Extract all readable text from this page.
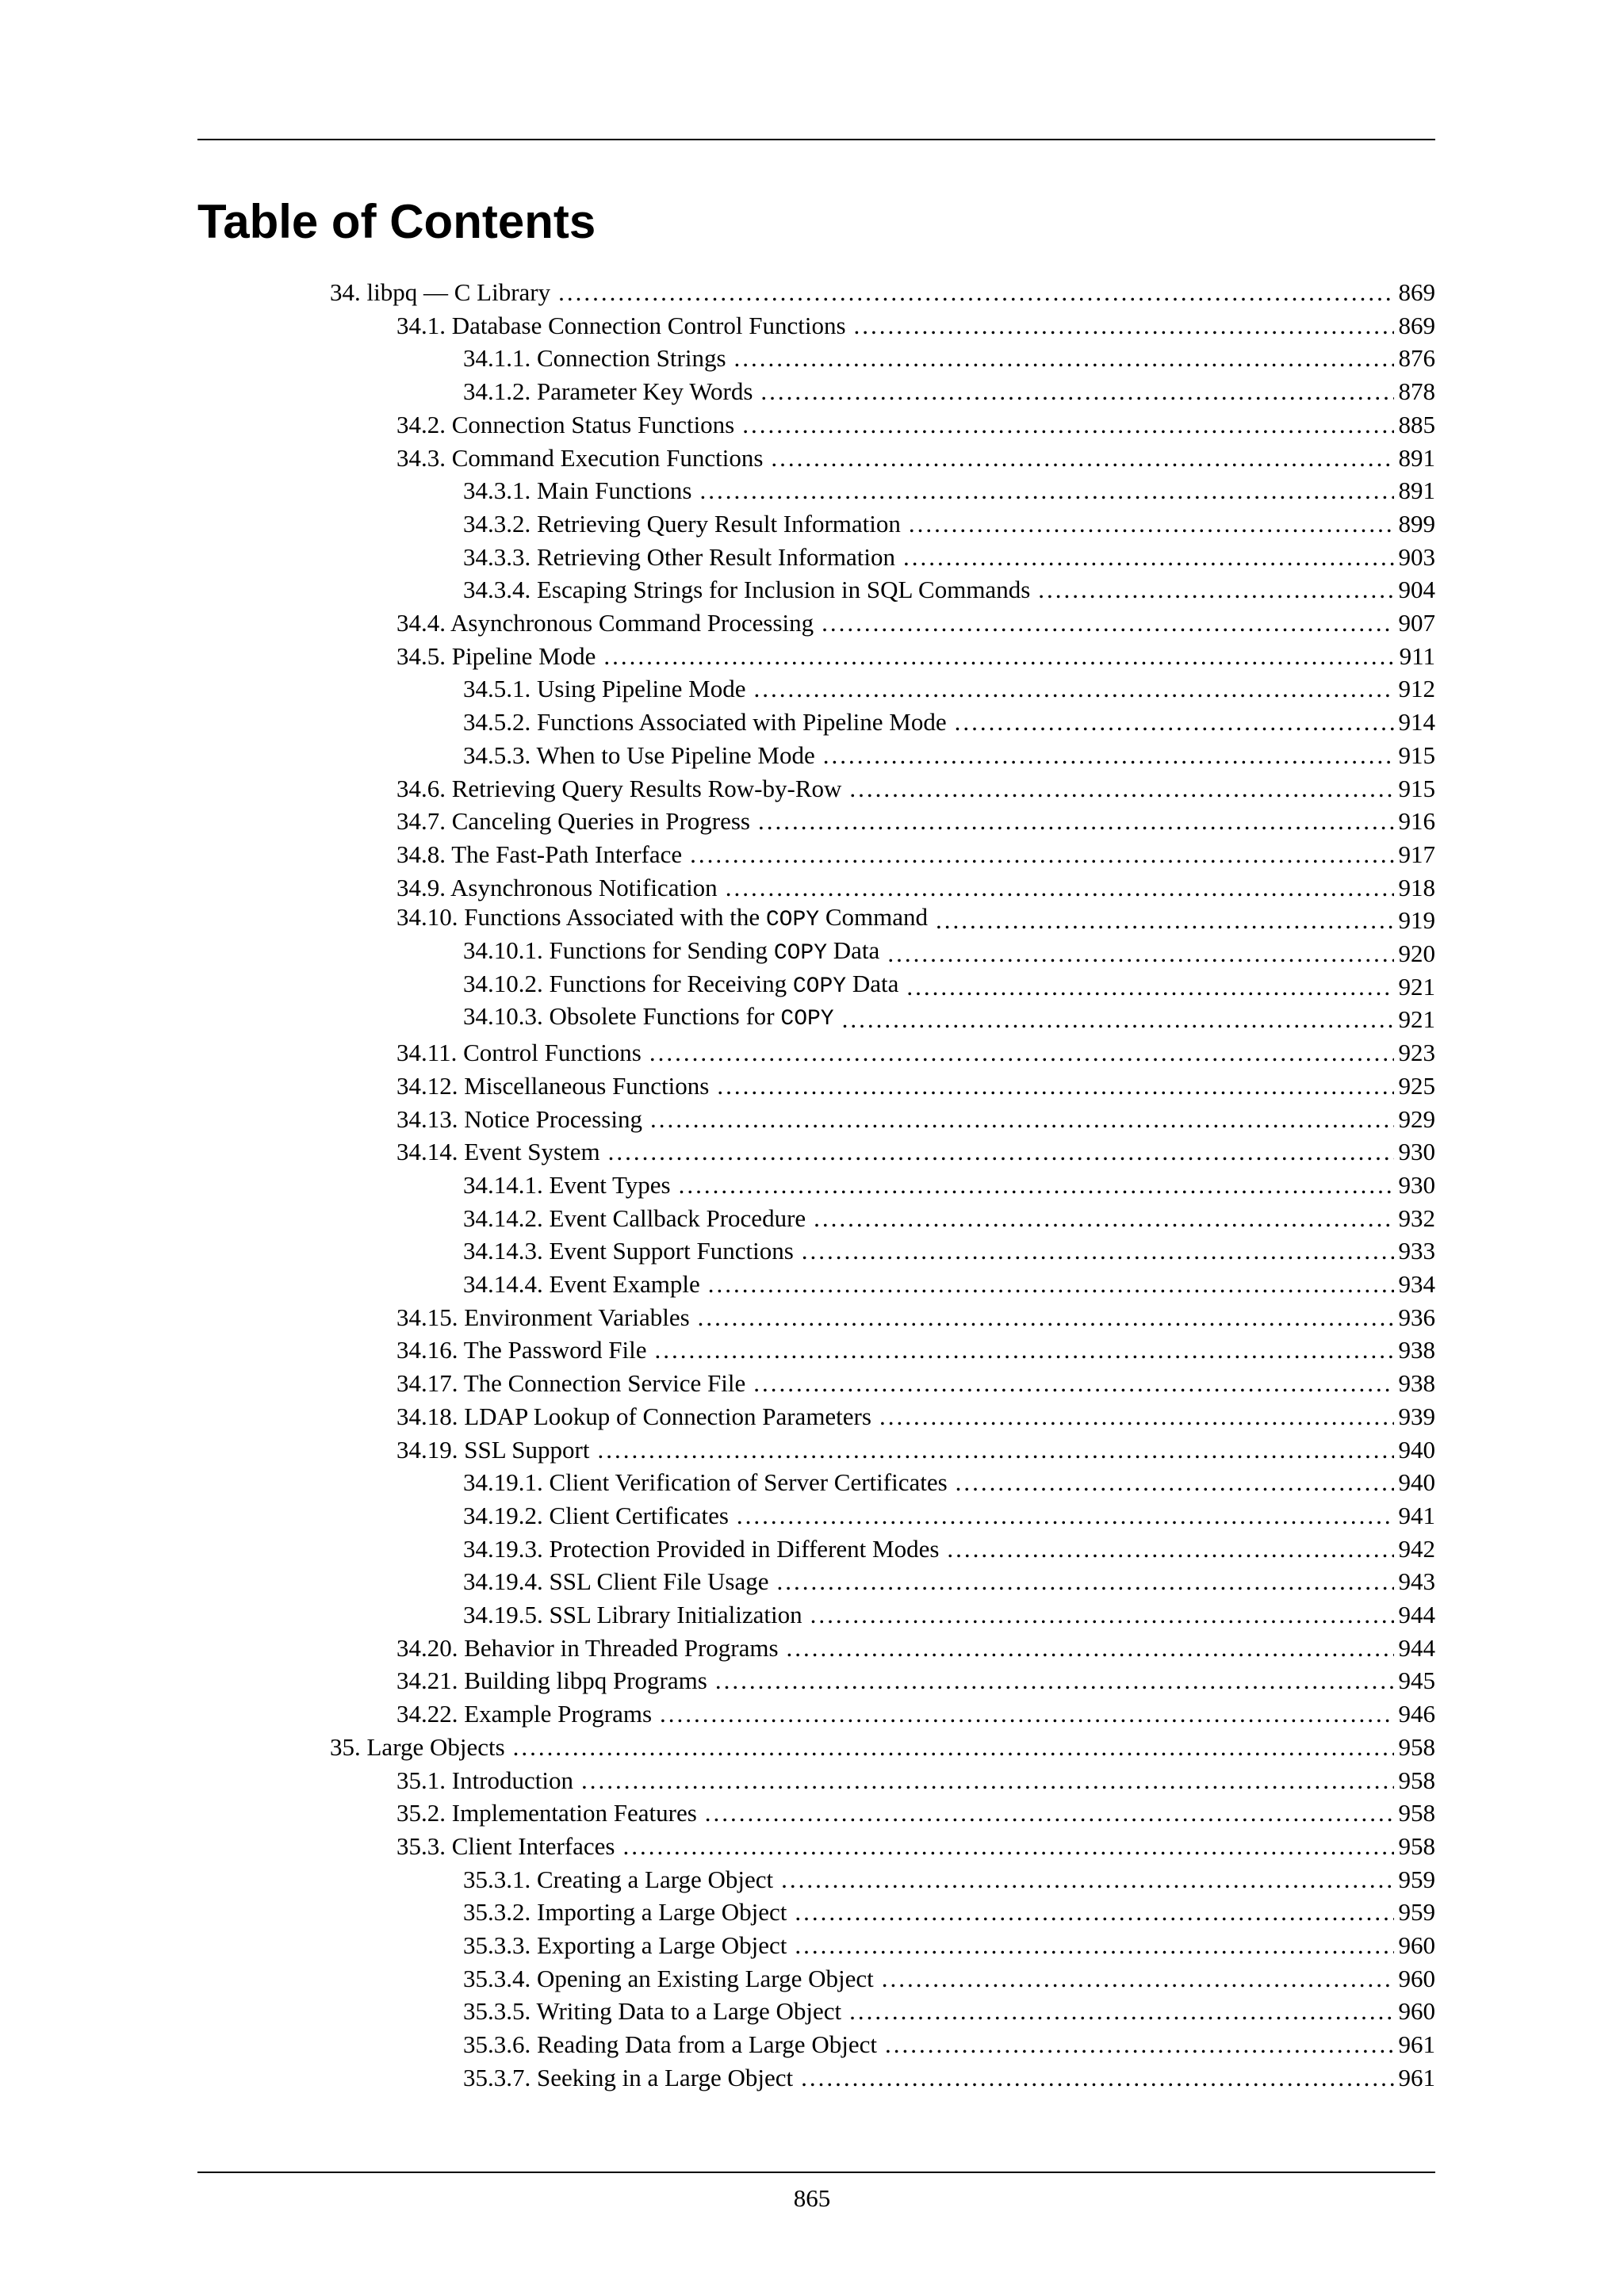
Table of Contents
34. libpq — C Library .....	869
34.1. Database Connection Control Functions .....	869
34.1.1. Connection Strings .....	876
34.1.2. Parameter Key Words .....	878
34.2. Connection Status Functions .....	885
34.3. Command Execution Functions .....	891
34.3.1. Main Functions .....	891
34.3.2. Retrieving Query Result Information .....	899
34.3.3. Retrieving Other Result Information .....	903
34.3.4. Escaping Strings for Inclusion in SQL Commands .....	904
34.4. Asynchronous Command Processing .....	907
34.5. Pipeline Mode .....	911
34.5.1. Using Pipeline Mode .....	912
34.5.2. Functions Associated with Pipeline Mode .....	914
34.5.3. When to Use Pipeline Mode .....	915
34.6. Retrieving Query Results Row-by-Row .....	915
34.7. Canceling Queries in Progress .....	916
34.8. The Fast-Path Interface .....	917
34.9. Asynchronous Notification .....	918
34.10. Functions Associated with the COPY Command .....	919
34.10.1. Functions for Sending COPY Data .....	920
34.10.2. Functions for Receiving COPY Data .....	921
34.10.3. Obsolete Functions for COPY .....	921
34.11. Control Functions .....	923
34.12. Miscellaneous Functions .....	925
34.13. Notice Processing .....	929
34.14. Event System .....	930
34.14.1. Event Types .....	930
34.14.2. Event Callback Procedure .....	932
34.14.3. Event Support Functions .....	933
34.14.4. Event Example .....	934
34.15. Environment Variables .....	936
34.16. The Password File .....	938
34.17. The Connection Service File .....	938
34.18. LDAP Lookup of Connection Parameters .....	939
34.19. SSL Support .....	940
34.19.1. Client Verification of Server Certificates .....	940
34.19.2. Client Certificates .....	941
34.19.3. Protection Provided in Different Modes .....	942
34.19.4. SSL Client File Usage .....	943
34.19.5. SSL Library Initialization .....	944
34.20. Behavior in Threaded Programs .....	944
34.21. Building libpq Programs .....	945
34.22. Example Programs .....	946
35. Large Objects .....	958
35.1. Introduction .....	958
35.2. Implementation Features .....	958
35.3. Client Interfaces .....	958
35.3.1. Creating a Large Object .....	959
35.3.2. Importing a Large Object .....	959
35.3.3. Exporting a Large Object .....	960
35.3.4. Opening an Existing Large Object .....	960
35.3.5. Writing Data to a Large Object .....	960
35.3.6. Reading Data from a Large Object .....	961
35.3.7. Seeking in a Large Object .....	961
865
